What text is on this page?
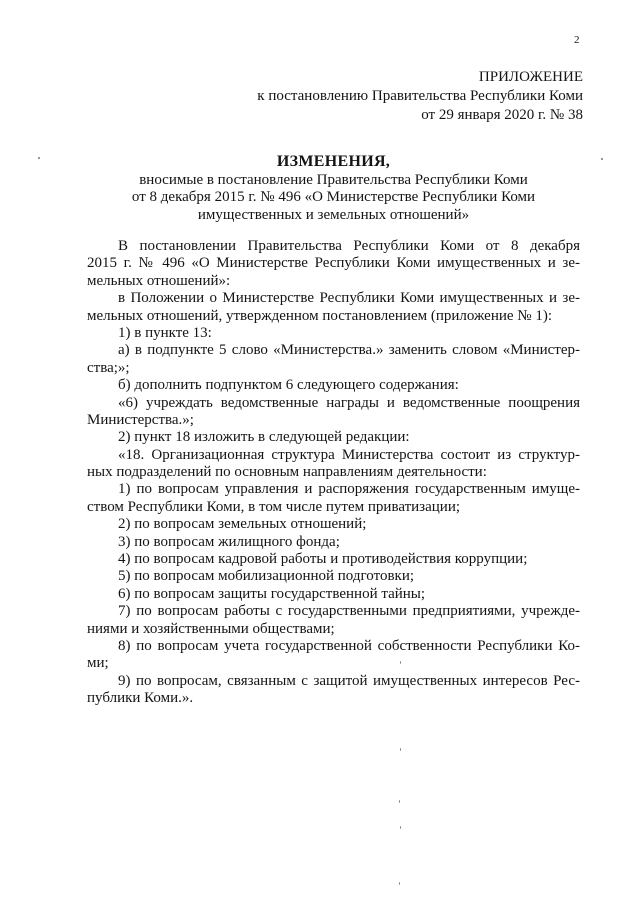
2
ПРИЛОЖЕНИЕ
к постановлению Правительства Республики Коми
от 29 января 2020 г. № 38
ИЗМЕНЕНИЯ,
вносимые в постановление Правительства Республики Коми
от 8 декабря 2015 г. № 496 «О Министерстве Республики Коми
имущественных и земельных отношений»
В постановлении Правительства Республики Коми от 8 декабря
2015 г. № 496 «О Министерстве Республики Коми имущественных и зе-
мельных отношений»:
в Положении о Министерстве Республики Коми имущественных и зе-
мельных отношений, утвержденном постановлением (приложение № 1):
1) в пункте 13:
а) в подпункте 5 слово «Министерства.» заменить словом «Министер-
ства;»;
б) дополнить подпунктом 6 следующего содержания:
«6) учреждать ведомственные награды и ведомственные поощрения
Министерства.»;
2) пункт 18 изложить в следующей редакции:
«18. Организационная структура Министерства состоит из структур-
ных подразделений по основным направлениям деятельности:
1) по вопросам управления и распоряжения государственным имуще-
ством Республики Коми, в том числе путем приватизации;
2) по вопросам земельных отношений;
3) по вопросам жилищного фонда;
4) по вопросам кадровой работы и противодействия коррупции;
5) по вопросам мобилизационной подготовки;
6) по вопросам защиты государственной тайны;
7) по вопросам работы с государственными предприятиями, учрежде-
ниями и хозяйственными обществами;
8) по вопросам учета государственной собственности Республики Ко-
ми;
9) по вопросам, связанным с защитой имущественных интересов Рес-
публики Коми.».
